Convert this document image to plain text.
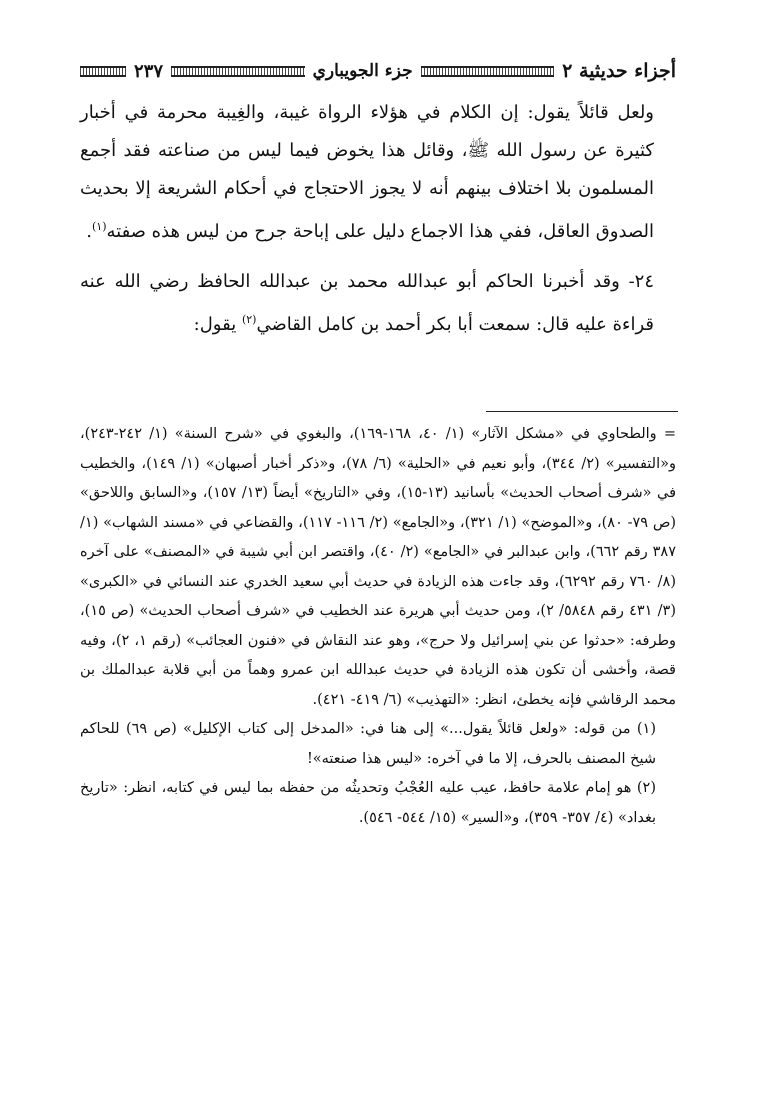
أجزاء حديثية ٢
جزء الجويباري
٢٣٧

ولعل قائلاً يقول: إن الكلام في هؤلاء الرواة غيبة، والغِيبة محرمة في أخبار كثيرة عن رسول الله ﷺ، وقائل هذا يخوض فيما ليس من صناعته فقد أجمع المسلمون بلا اختلاف بينهم أنه لا يجوز الاحتجاج في أحكام الشريعة إلا بحديث الصدوق العاقل، ففي هذا الاجماع دليل على إباحة جرح من ليس هذه صفته$^{(١)}$.

٢٤- وقد أخبرنا الحاكم أبو عبدالله محمد بن عبدالله الحافظ رضي الله عنه قراءة عليه قال: سمعت أبا بكر أحمد بن كامل القاضي$^{(٢)}$ يقول:

= والطحاوي في «مشكل الآثار» (١/ ٤٠، ١٦٨-١٦٩)، والبغوي في «شرح السنة» (١/ ٢٤٢-٢٤٣)، و«التفسير» (٢/ ٣٤٤)، وأبو نعيم في «الحلية» (٦/ ٧٨)، و«ذكر أخبار أصبهان» (١/ ١٤٩)، والخطيب في «شرف أصحاب الحديث» بأسانيد (١٣-١٥)، وفي «التاريخ» أيضاً (١٣/ ١٥٧)، و«السابق واللاحق» (ص ٧٩- ٨٠)، و«الموضح» (١/ ٣٢١)، و«الجامع» (٢/ ١١٦- ١١٧)، والقضاعي في «مسند الشهاب» (١/ ٣٨٧ رقم ٦٦٢)، وابن عبدالبر في «الجامع» (٢/ ٤٠)، واقتصر ابن أبي شيبة في «المصنف» على آخره (٨/ ٧٦٠ رقم ٦٢٩٢)، وقد جاءت هذه الزيادة في حديث أبي سعيد الخدري عند النسائي في «الكبرى» (٣/ ٤٣١ رقم ٥٨٤٨/ ٢)، ومن حديث أبي هريرة عند الخطيب في «شرف أصحاب الحديث» (ص ١٥)، وطرفه: «حدثوا عن بني إسرائيل ولا حرج»، وهو عند النقاش في «فنون العجائب» (رقم ١، ٢)، وفيه قصة، وأخشى أن تكون هذه الزيادة في حديث عبدالله ابن عمرو وهماً من أبي قلابة عبدالملك بن محمد الرقاشي فإنه يخطئ، انظر: «التهذيب» (٦/ ٤١٩- ٤٢١).

(١) من قوله: «ولعل قائلاً يقول...» إلى هنا في: «المدخل إلى كتاب الإكليل» (ص ٦٩) للحاكم شيخ المصنف بالحرف، إلا ما في آخره: «ليس هذا صنعته»!

(٢) هو إمام علامة حافظ، عيب عليه العُجْبُ وتحديثُه من حفظه بما ليس في كتابه، انظر: «تاريخ بغداد» (٤/ ٣٥٧- ٣٥٩)، و«السير» (١٥/ ٥٤٤- ٥٤٦).
